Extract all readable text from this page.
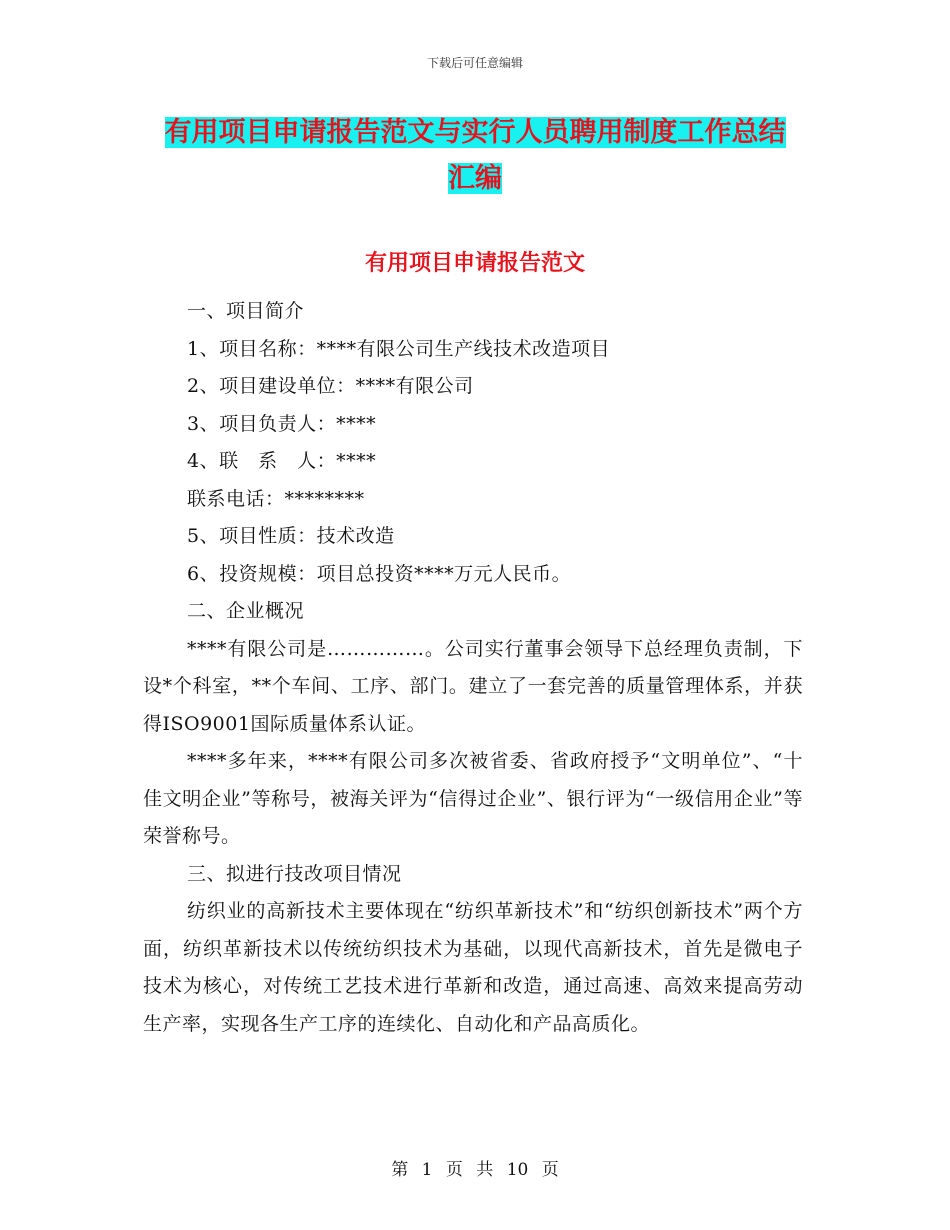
下载后可任意编辑
有用项目申请报告范文与实行人员聘用制度工作总结
汇编
有用项目申请报告范文

一、项目简介

1、项目名称：****有限公司生产线技术改造项目

2、项目建设单位：****有限公司

3、项目负责人：****

4、联　系　人：****

联系电话：********

5、项目性质：技术改造

6、投资规模：项目总投资****万元人民币。

二、企业概况

****有限公司是……………。公司实行董事会领导下总经理负责制，下设*个科室，**个车间、工序、部门。建立了一套完善的质量管理体系，并获得ISO9001国际质量体系认证。

****多年来，****有限公司多次被省委、省政府授予“文明单位”、“十佳文明企业”等称号，被海关评为“信得过企业”、银行评为“一级信用企业”等荣誉称号。

三、拟进行技改项目情况

纺织业的高新技术主要体现在“纺织革新技术”和“纺织创新技术”两个方面，纺织革新技术以传统纺织技术为基础，以现代高新技术，首先是微电子技术为核心，对传统工艺技术进行革新和改造，通过高速、高效来提高劳动生产率，实现各生产工序的连续化、自动化和产品高质化。

第 1 页 共 10 页
